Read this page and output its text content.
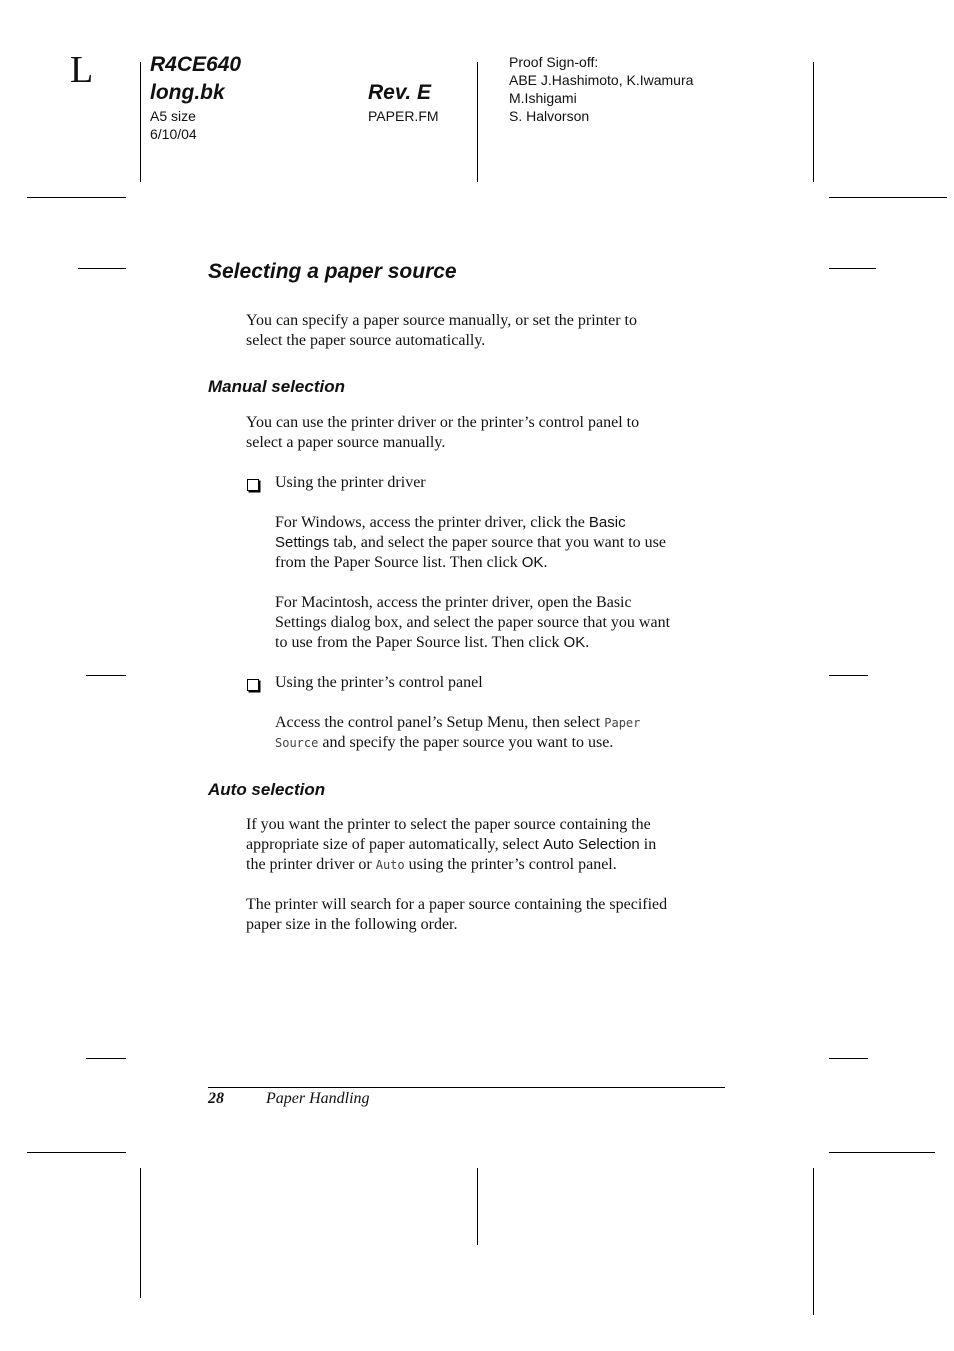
L	R4CE640
long.bk
A5 size
6/10/04
Rev. E
PAPER.FM
Proof Sign-off:
ABE J.Hashimoto, K.Iwamura
M.Ishigami
S. Halvorson
Selecting a paper source
You can specify a paper source manually, or set the printer to
select the paper source automatically.
Manual selection
You can use the printer driver or the printer’s control panel to
select a paper source manually.
Using the printer driver
For Windows, access the printer driver, click the Basic
Settings tab, and select the paper source that you want to use
from the Paper Source list. Then click OK.
For Macintosh, access the printer driver, open the Basic
Settings dialog box, and select the paper source that you want
to use from the Paper Source list. Then click OK.
Using the printer’s control panel
Access the control panel’s Setup Menu, then select Paper
Source and specify the paper source you want to use.
Auto selection
If you want the printer to select the paper source containing the
appropriate size of paper automatically, select Auto Selection in
the printer driver or Auto using the printer’s control panel.
The printer will search for a paper source containing the specified
paper size in the following order.
28	Paper Handling
